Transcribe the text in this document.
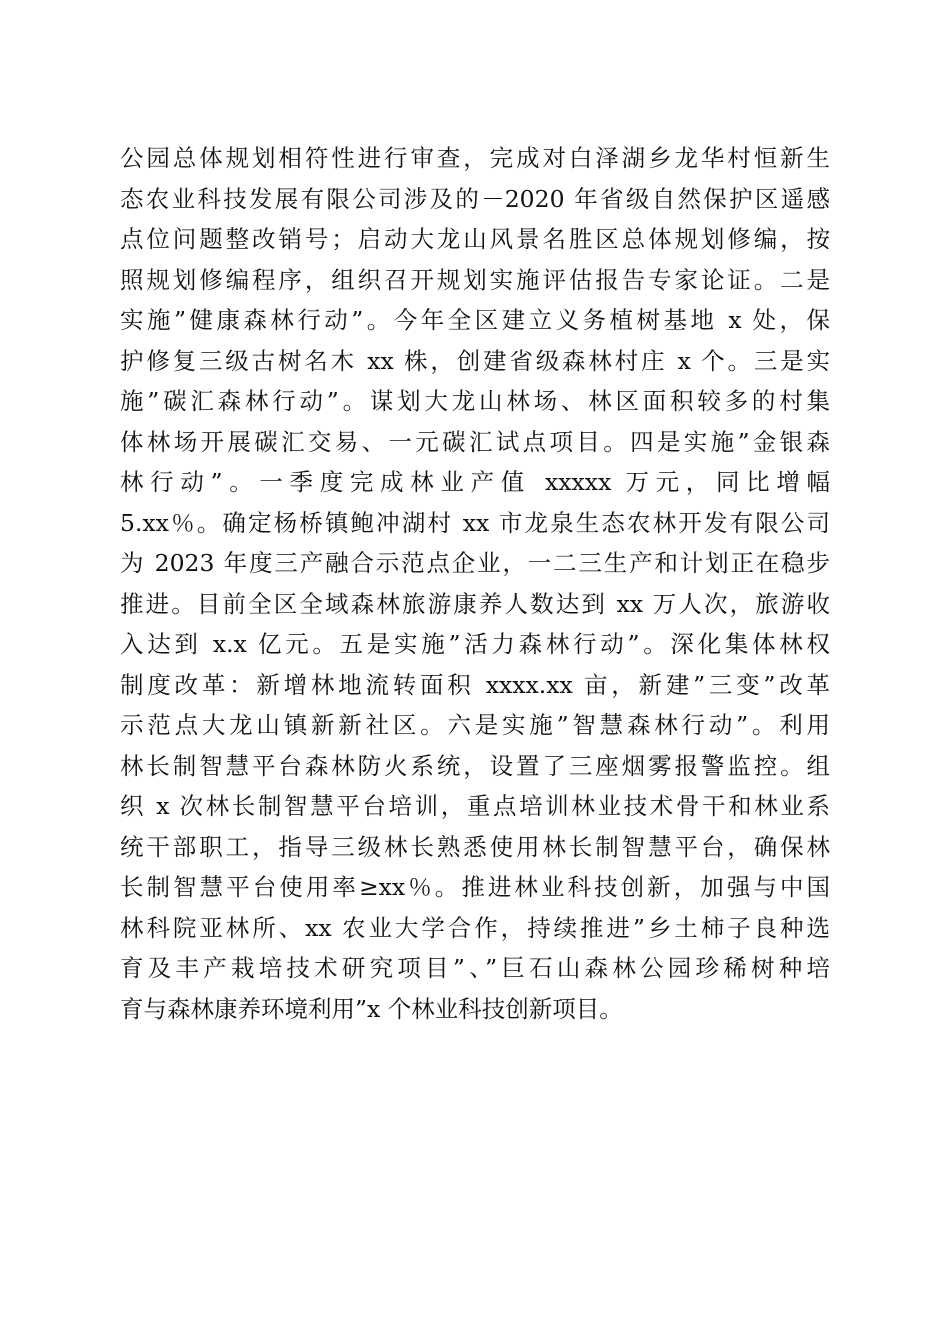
公园总体规划相符性进行审查，完成对白泽湖乡龙华村恒新生
态农业科技发展有限公司涉及的－2020 年省级自然保护区遥感
点位问题整改销号；启动大龙山风景名胜区总体规划修编，按
照规划修编程序，组织召开规划实施评估报告专家论证。二是
实施”健康森林行动”。今年全区建立义务植树基地 x 处，保
护修复三级古树名木 xx 株，创建省级森林村庄 x 个。三是实
施”碳汇森林行动”。谋划大龙山林场、林区面积较多的村集
体林场开展碳汇交易、一元碳汇试点项目。四是实施”金银森
林行动”。一季度完成林业产值 xxxxx 万元，同比增幅
5.xx％。确定杨桥镇鲍冲湖村 xx 市龙泉生态农林开发有限公司
为 2023 年度三产融合示范点企业，一二三生产和计划正在稳步
推进。目前全区全域森林旅游康养人数达到 xx 万人次，旅游收
入达到 x.x 亿元。五是实施”活力森林行动”。深化集体林权
制度改革：新增林地流转面积 xxxx.xx 亩，新建”三变”改革
示范点大龙山镇新新社区。六是实施”智慧森林行动”。利用
林长制智慧平台森林防火系统，设置了三座烟雾报警监控。组
织 x 次林长制智慧平台培训，重点培训林业技术骨干和林业系
统干部职工，指导三级林长熟悉使用林长制智慧平台，确保林
长制智慧平台使用率≥xx％。推进林业科技创新，加强与中国
林科院亚林所、xx 农业大学合作，持续推进”乡土柿子良种选
育及丰产栽培技术研究项目”、”巨石山森林公园珍稀树种培
育与森林康养环境利用”x 个林业科技创新项目。
